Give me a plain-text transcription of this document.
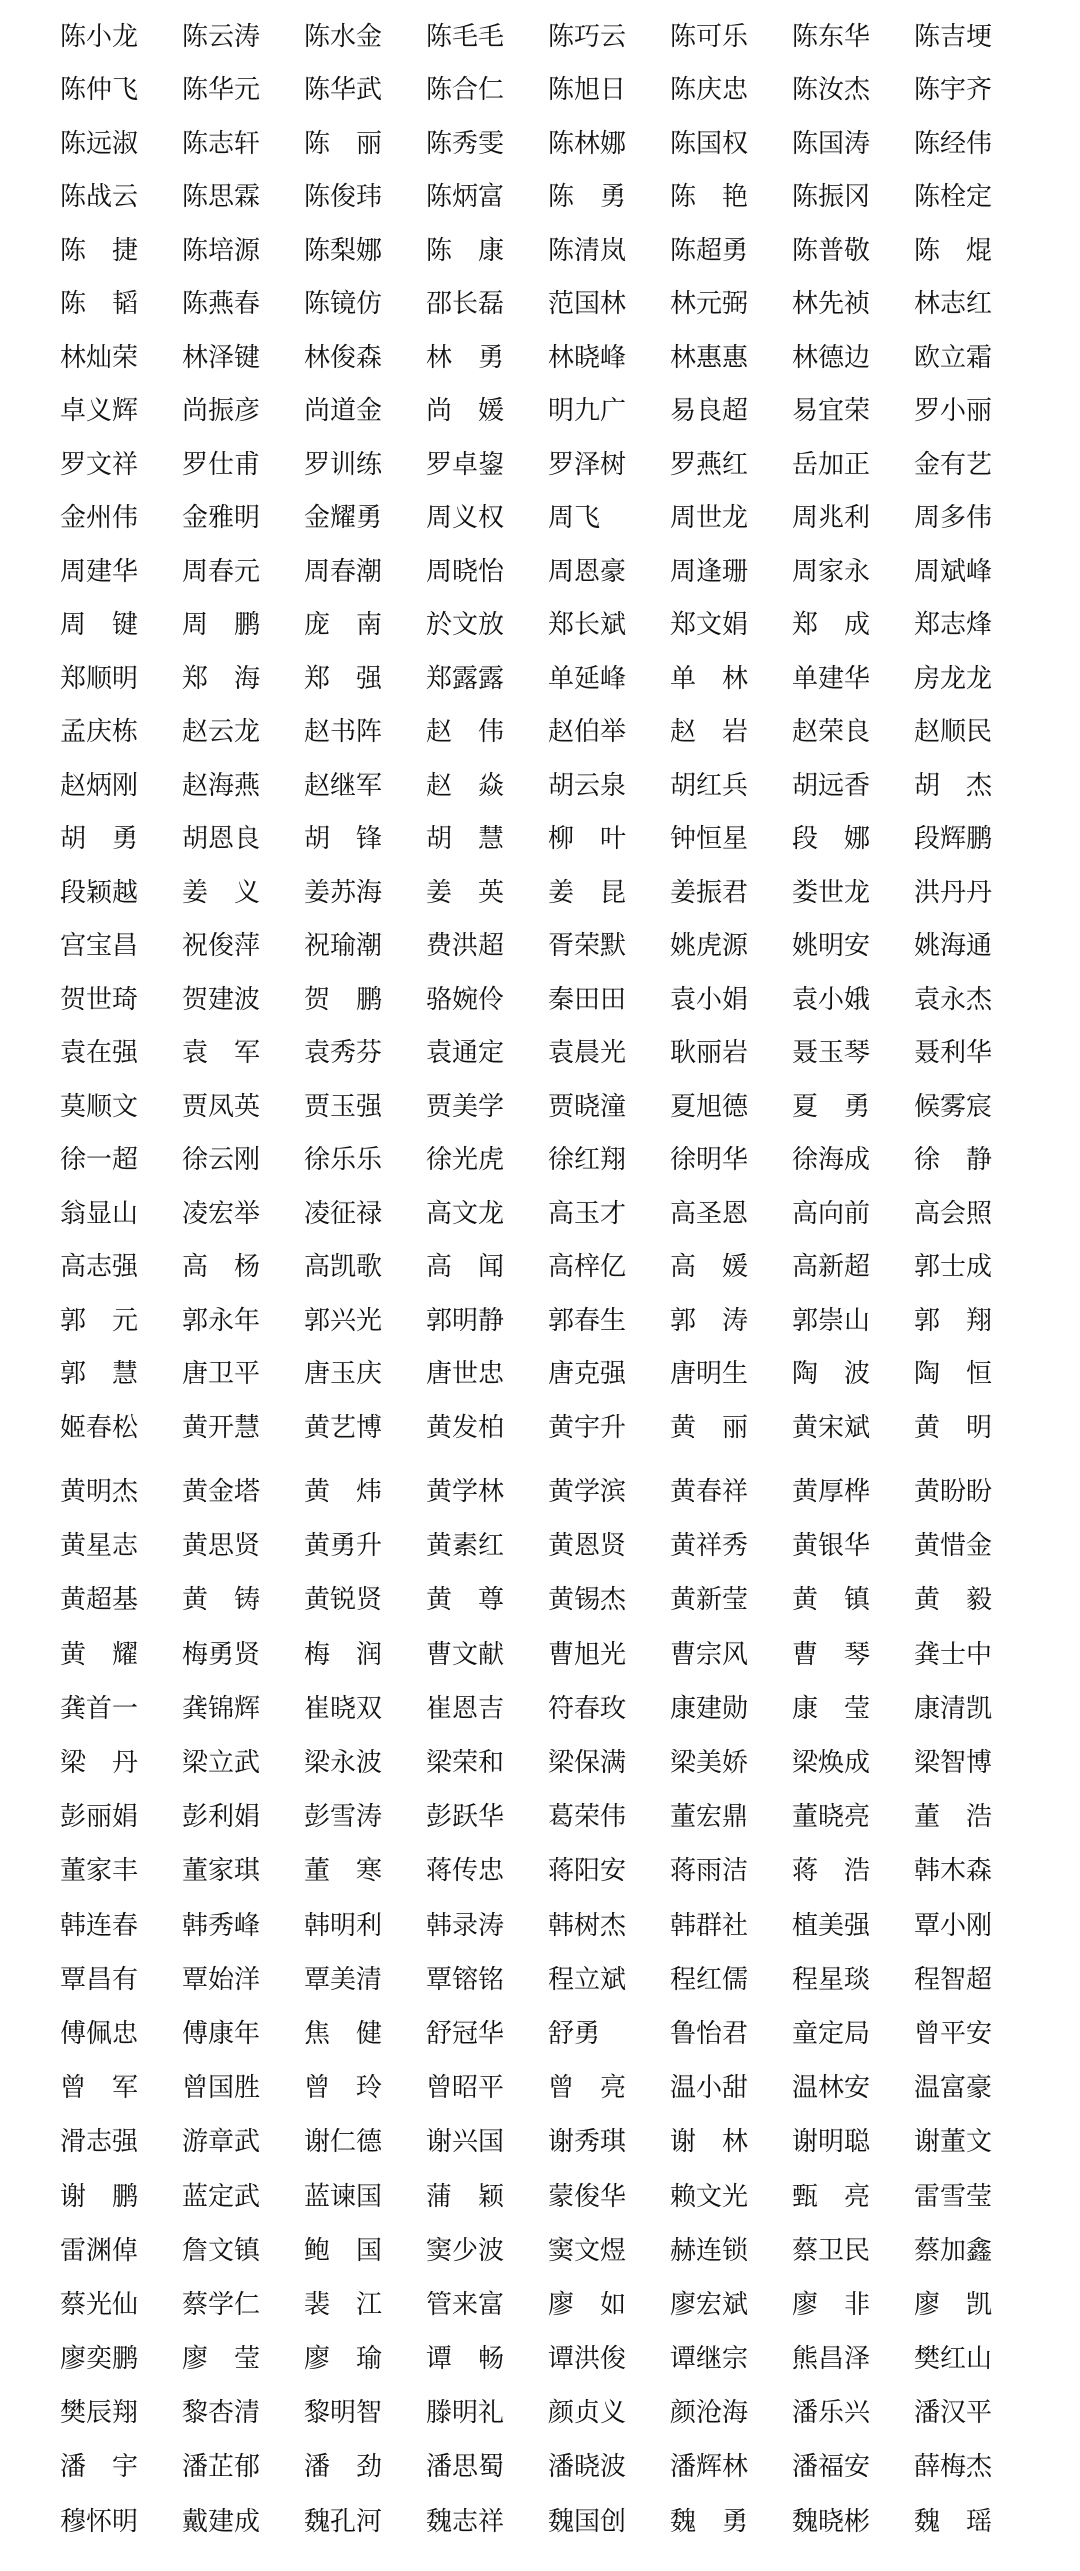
陈小龙	陈云涛	陈水金	陈毛毛	陈巧云	陈可乐	陈东华	陈吉埂
陈仲飞	陈华元	陈华武	陈合仁	陈旭日	陈庆忠	陈汝杰	陈宇齐
陈远淑	陈志轩	陈　丽	陈秀雯	陈林娜	陈国权	陈国涛	陈经伟
陈战云	陈思霖	陈俊玮	陈炳富	陈　勇	陈　艳	陈振冈	陈栓定
陈　捷	陈培源	陈梨娜	陈　康	陈清岚	陈超勇	陈普敬	陈　焜
陈　韬	陈燕春	陈镜仿	邵长磊	范国林	林元弼	林先祯	林志红
林灿荣	林泽键	林俊森	林　勇	林晓峰	林惠惠	林德边	欧立霜
卓义辉	尚振彦	尚道金	尚　媛	明九广	易良超	易宜荣	罗小丽
罗文祥	罗仕甫	罗训练	罗卓鋆	罗泽树	罗燕红	岳加正	金有艺
金州伟	金雅明	金耀勇	周义权	周飞	周世龙	周兆利	周多伟
周建华	周春元	周春潮	周晓怡	周恩豪	周逢珊	周家永	周斌峰
周　键	周　鹏	庞　南	於文放	郑长斌	郑文娟	郑　成	郑志烽
郑顺明	郑　海	郑　强	郑露露	单延峰	单　林	单建华	房龙龙
孟庆栋	赵云龙	赵书阵	赵　伟	赵伯举	赵　岩	赵荣良	赵顺民
赵炳刚	赵海燕	赵继军	赵　焱	胡云泉	胡红兵	胡远香	胡　杰
胡　勇	胡恩良	胡　锋	胡　慧	柳　叶	钟恒星	段　娜	段辉鹏
段颖越	姜　义	姜苏海	姜　英	姜　昆	姜振君	娄世龙	洪丹丹
宫宝昌	祝俊萍	祝瑜潮	费洪超	胥荣默	姚虎源	姚明安	姚海通
贺世琦	贺建波	贺　鹏	骆婉伶	秦田田	袁小娟	袁小娥	袁永杰
袁在强	袁　军	袁秀芬	袁通定	袁晨光	耿丽岩	聂玉琴	聂利华
莫顺文	贾凤英	贾玉强	贾美学	贾晓潼	夏旭德	夏　勇	候雾宸
徐一超	徐云刚	徐乐乐	徐光虎	徐红翔	徐明华	徐海成	徐　静
翁显山	凌宏举	凌征禄	高文龙	高玉才	高圣恩	高向前	高会照
高志强	高　杨	高凯歌	高　闻	高梓亿	高　媛	高新超	郭士成
郭　元	郭永年	郭兴光	郭明静	郭春生	郭　涛	郭崇山	郭　翔
郭　慧	唐卫平	唐玉庆	唐世忠	唐克强	唐明生	陶　波	陶　恒
姬春松	黄开慧	黄艺博	黄发柏	黄宇升	黄　丽	黄宋斌	黄　明
黄明杰	黄金塔	黄　炜	黄学林	黄学滨	黄春祥	黄厚桦	黄盼盼
黄星志	黄思贤	黄勇升	黄素红	黄恩贤	黄祥秀	黄银华	黄惜金
黄超基	黄　铸	黄锐贤	黄　尊	黄锡杰	黄新莹	黄　镇	黄　毅
黄　耀	梅勇贤	梅　润	曹文献	曹旭光	曹宗风	曹　琴	龚士中
龚首一	龚锦辉	崔晓双	崔恩吉	符春玫	康建勋	康　莹	康清凯
梁　丹	梁立武	梁永波	梁荣和	梁保满	梁美娇	梁焕成	梁智博
彭丽娟	彭利娟	彭雪涛	彭跃华	葛荣伟	董宏鼎	董晓亮	董　浩
董家丰	董家琪	董　寒	蒋传忠	蒋阳安	蒋雨洁	蒋　浩	韩木森
韩连春	韩秀峰	韩明利	韩录涛	韩树杰	韩群社	植美强	覃小刚
覃昌有	覃始洋	覃美清	覃镕铭	程立斌	程红儒	程星琰	程智超
傅佩忠	傅康年	焦　健	舒冠华	舒勇	鲁怡君	童定局	曾平安
曾　军	曾国胜	曾　玲	曾昭平	曾　亮	温小甜	温林安	温富豪
滑志强	游章武	谢仁德	谢兴国	谢秀琪	谢　林	谢明聪	谢董文
谢　鹏	蓝定武	蓝谏国	蒲　颖	蒙俊华	赖文光	甄　亮	雷雪莹
雷渊倬	詹文镇	鲍　国	窦少波	窦文煜	赫连锁	蔡卫民	蔡加鑫
蔡光仙	蔡学仁	裴　江	管来富	廖　如	廖宏斌	廖　非	廖　凯
廖奕鹏	廖　莹	廖　瑜	谭　畅	谭洪俊	谭继宗	熊昌泽	樊红山
樊辰翔	黎杏清	黎明智	滕明礼	颜贞义	颜沧海	潘乐兴	潘汉平
潘　宇	潘芷郁	潘　劲	潘思蜀	潘晓波	潘辉林	潘福安	薛梅杰
穆怀明	戴建成	魏孔河	魏志祥	魏国创	魏　勇	魏晓彬	魏　瑶
